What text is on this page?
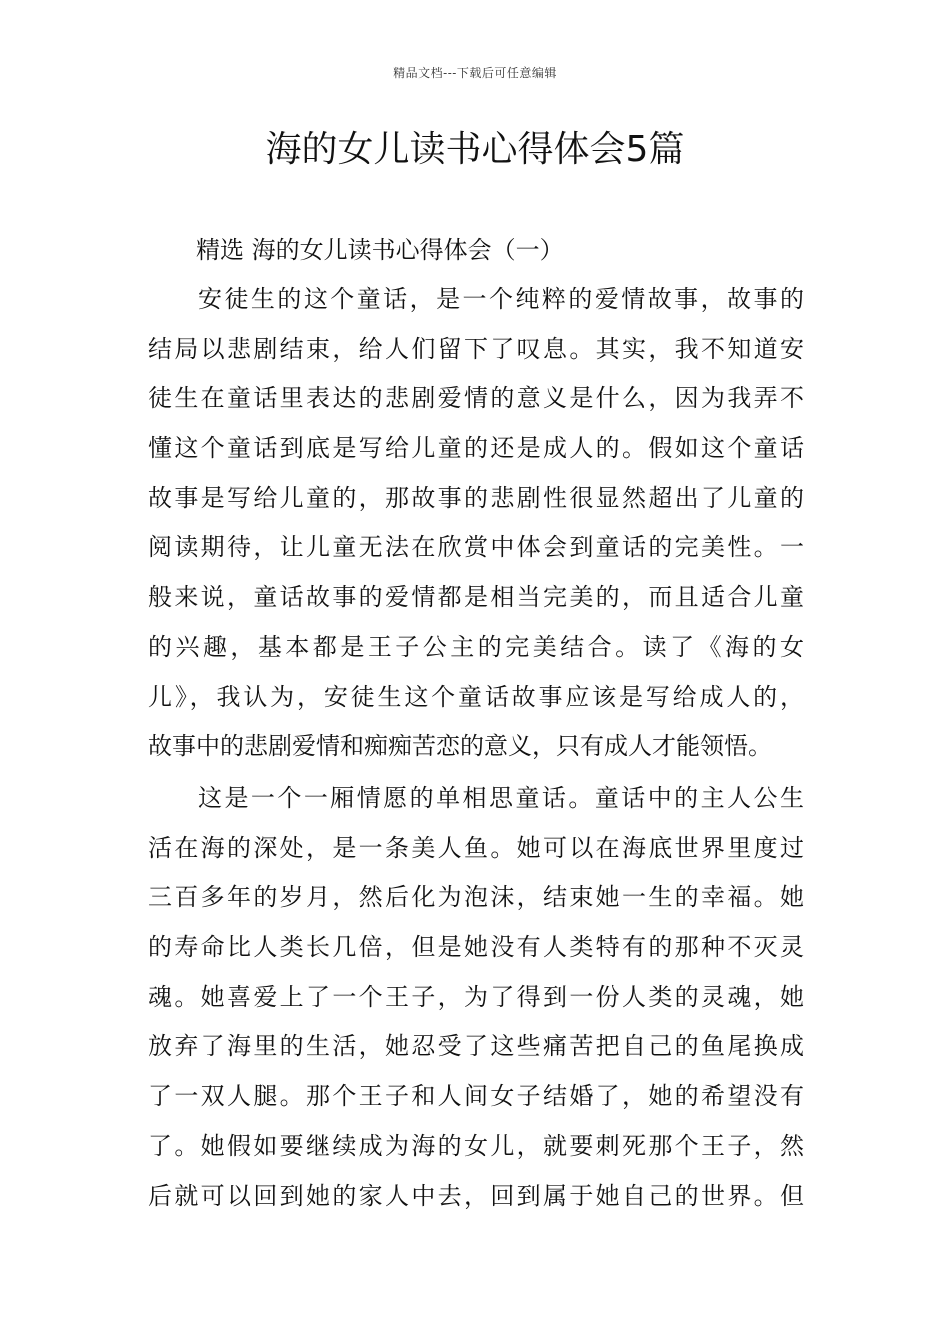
精品文档---下载后可任意编辑
海的女儿读书心得体会5篇
精选 海的女儿读书心得体会（一）
安徒生的这个童话，是一个纯粹的爱情故事，故事的
结局以悲剧结束，给人们留下了叹息。其实，我不知道安
徒生在童话里表达的悲剧爱情的意义是什么，因为我弄不
懂这个童话到底是写给儿童的还是成人的。假如这个童话
故事是写给儿童的，那故事的悲剧性很显然超出了儿童的
阅读期待，让儿童无法在欣赏中体会到童话的完美性。一
般来说，童话故事的爱情都是相当完美的，而且适合儿童
的兴趣，基本都是王子公主的完美结合。读了《海的女
儿》，我认为，安徒生这个童话故事应该是写给成人的，
故事中的悲剧爱情和痴痴苦恋的意义，只有成人才能领悟。
这是一个一厢情愿的单相思童话。童话中的主人公生
活在海的深处，是一条美人鱼。她可以在海底世界里度过
三百多年的岁月，然后化为泡沫，结束她一生的幸福。她
的寿命比人类长几倍，但是她没有人类特有的那种不灭灵
魂。她喜爱上了一个王子，为了得到一份人类的灵魂，她
放弃了海里的生活，她忍受了这些痛苦把自己的鱼尾换成
了一双人腿。那个王子和人间女子结婚了，她的希望没有
了。她假如要继续成为海的女儿，就要刺死那个王子，然
后就可以回到她的家人中去，回到属于她自己的世界。但
